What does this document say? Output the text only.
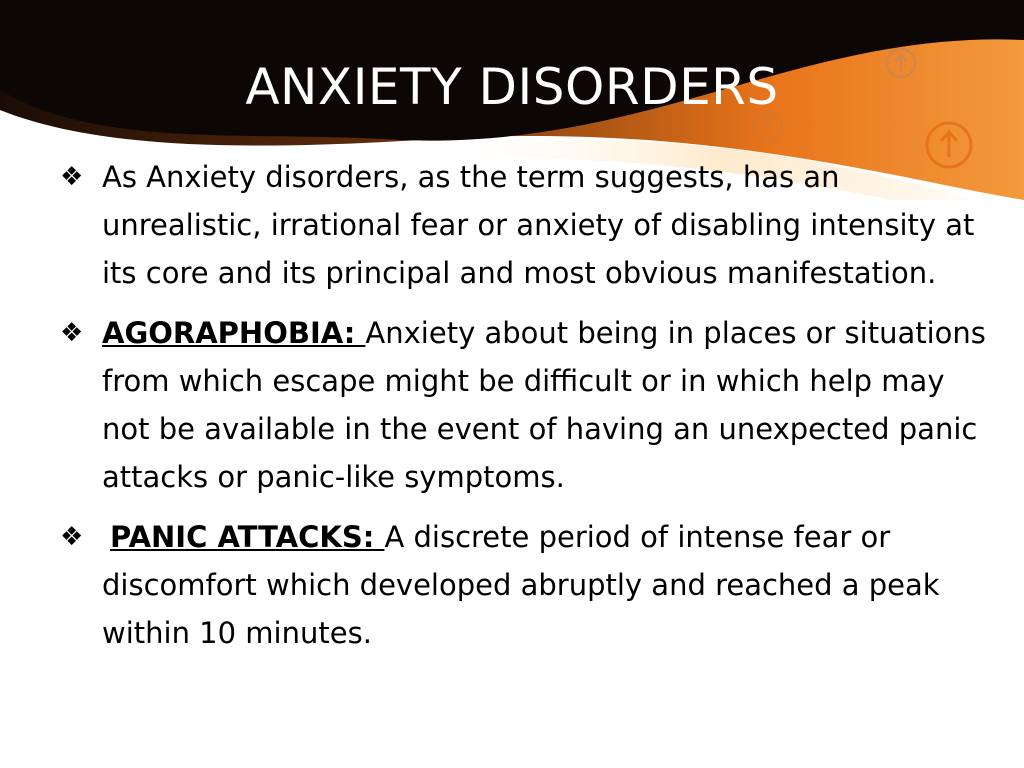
ANXIETY DISORDERS
❖ As Anxiety disorders, as the term suggests, has an unrealistic, irrational fear or anxiety of disabling intensity at its core and its principal and most obvious manifestation.
❖ AGORAPHOBIA: Anxiety about being in places or situations from which escape might be difficult or in which help may not be available in the event of having an unexpected panic attacks or panic-like symptoms.
❖ PANIC ATTACKS: A discrete period of intense fear or discomfort which developed abruptly and reached a peak within 10 minutes.
